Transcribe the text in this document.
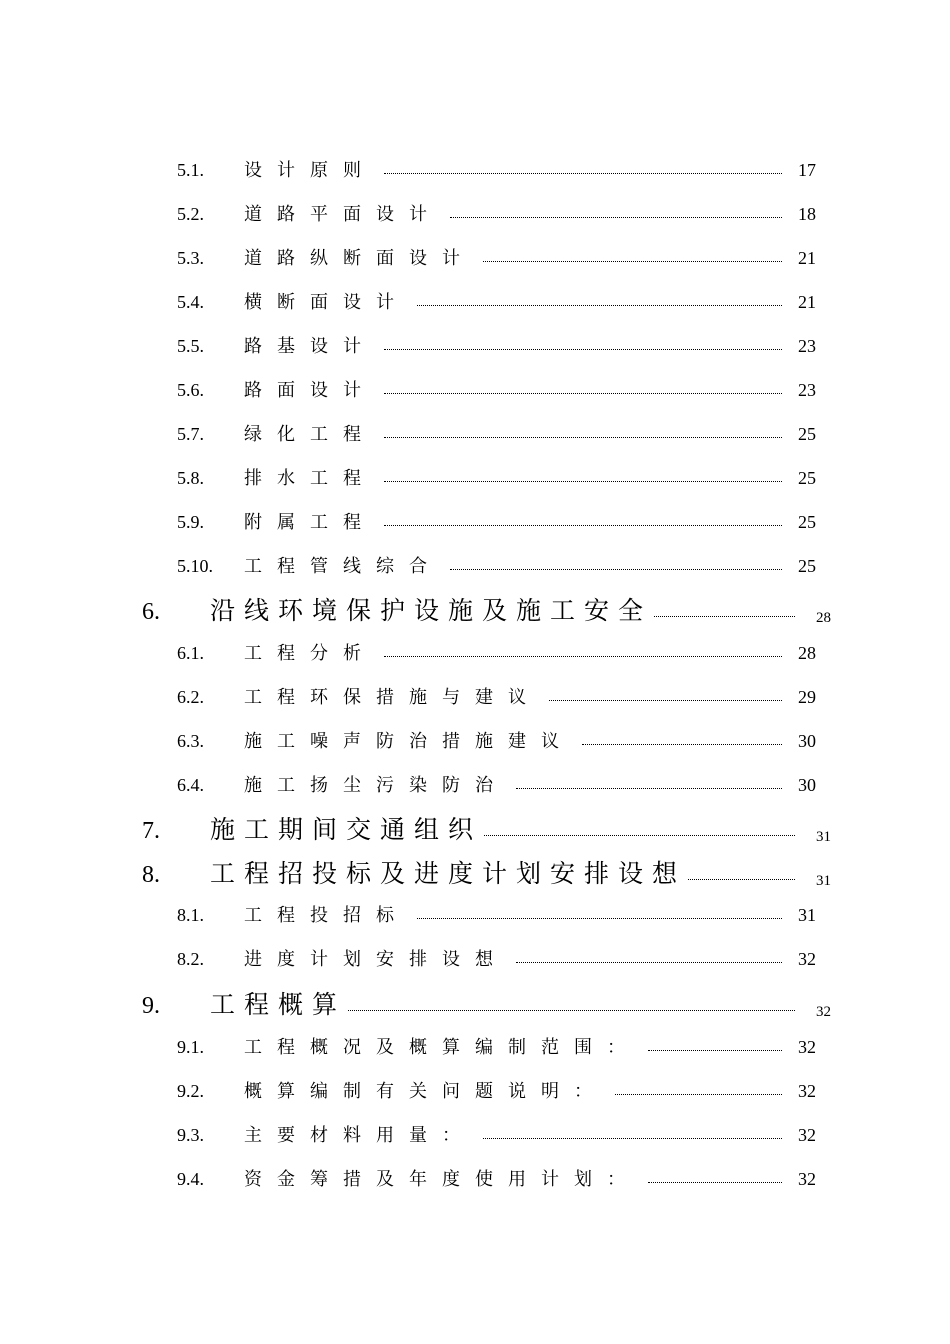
5.1.	设计原则	17
5.2.	道路平面设计	18
5.3.	道路纵断面设计	21
5.4.	横断面设计	21
5.5.	路基设计	23
5.6.	路面设计	23
5.7.	绿化工程	25
5.8.	排水工程	25
5.9.	附属工程	25
5.10.	工程管线综合	25
6.	沿线环境保护设施及施工安全	28
6.1.	工程分析	28
6.2.	工程环保措施与建议	29
6.3.	施工噪声防治措施建议	30
6.4.	施工扬尘污染防治	30
7.	施工期间交通组织	31
8.	工程招投标及进度计划安排设想	31
8.1.	工程投招标	31
8.2.	进度计划安排设想	32
9.	工程概算	32
9.1.	工程概况及概算编制范围：	32
9.2.	概算编制有关问题说明：	32
9.3.	主要材料用量：	32
9.4.	资金筹措及年度使用计划：	32
